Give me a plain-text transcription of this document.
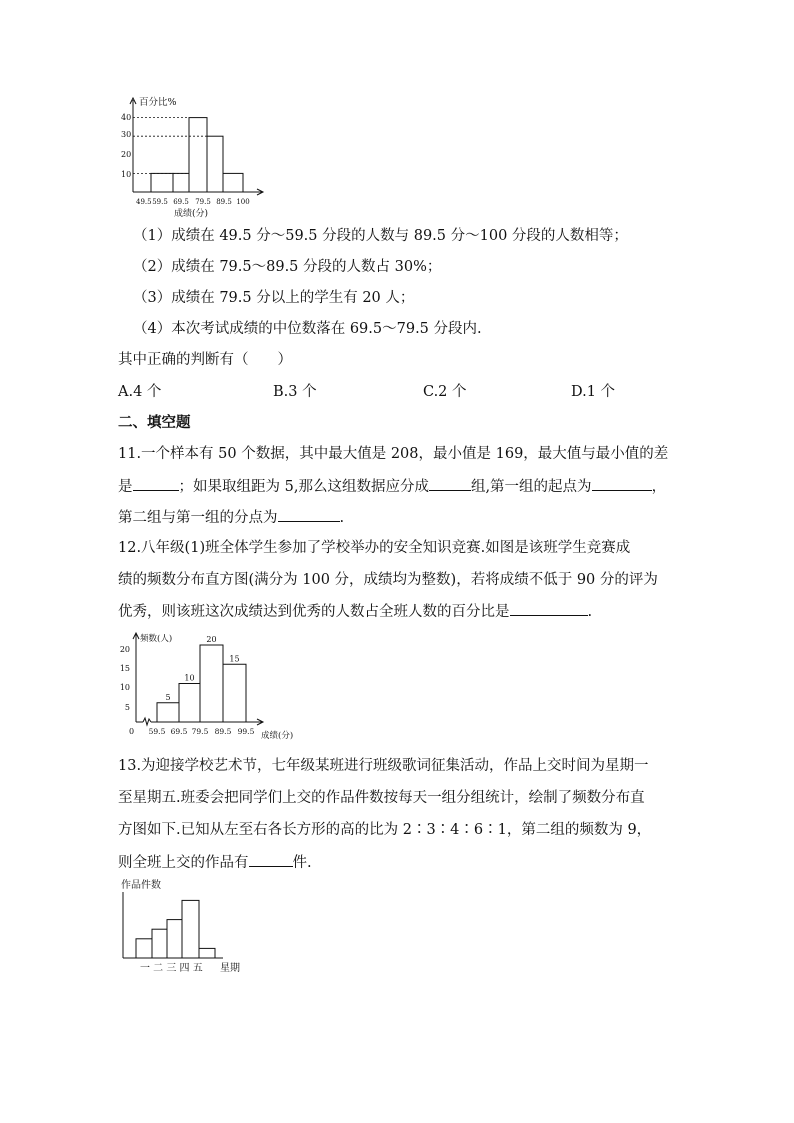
百分比%
10
20
30
40
49.5 59.5 69.5 79.5 89.5 100
成绩(分)
（1）成绩在 49.5 分～59.5 分段的人数与 89.5 分～100 分段的人数相等；
（2）成绩在 79.5～89.5 分段的人数占 30%；
（3）成绩在 79.5 分以上的学生有 20 人；
（4）本次考试成绩的中位数落在 69.5～79.5 分段内.
其中正确的判断有（　　）
A.4 个	B.3 个	C.2 个	D.1 个
二、填空题
11.一个样本有 50 个数据，其中最大值是 208，最小值是 169，最大值与最小值的差
是	；如果取组距为 5,那么这组数据应分成	组,第一组的起点为	，
第二组与第一组的分点为	.
12.八年级(1)班全体学生参加了学校举办的安全知识竞赛.如图是该班学生竞赛成
绩的频数分布直方图(满分为 100 分，成绩均为整数)，若将成绩不低于 90 分的评为
优秀，则该班这次成绩达到优秀的人数占全班人数的百分比是	.
5
10
20
15
频数(人)
5
10
15
20
0 59.5 69.5 79.5 89.5 99.5 成绩(分)
13.为迎接学校艺术节，七年级某班进行班级歌词征集活动，作品上交时间为星期一
至星期五.班委会把同学们上交的作品件数按每天一组分组统计，绘制了频数分布直
方图如下.已知从左至右各长方形的高的比为 2∶3∶4∶6∶1，第二组的频数为 9，
则全班上交的作品有	件.
作品件数
一 二 三 四 五 星期
